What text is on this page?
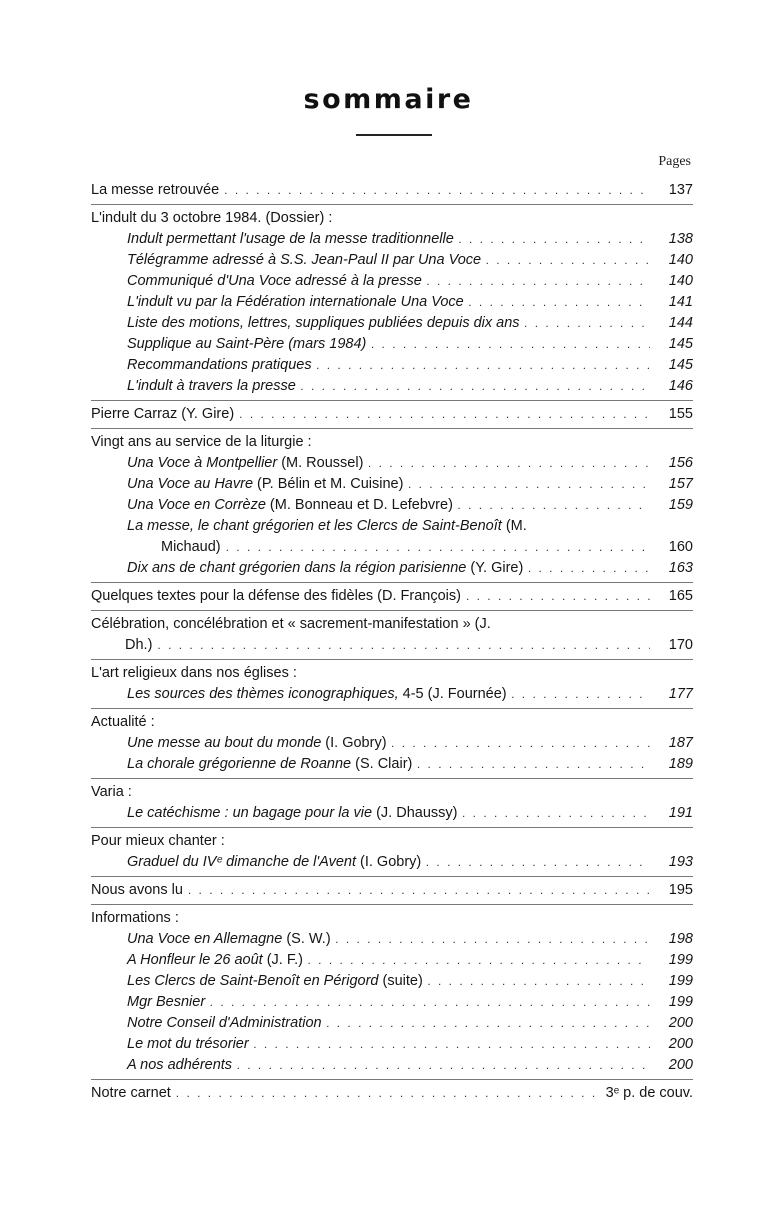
sommaire
Pages
La messe retrouvée . . .	137
L'indult du 3 octobre 1984. (Dossier) :
Indult permettant l'usage de la messe traditionnelle . . .	138
Télégramme adressé à S.S. Jean-Paul II par Una Voce . . .	140
Communiqué d'Una Voce adressé à la presse . . .	140
L'indult vu par la Fédération internationale Una Voce . . .	141
Liste des motions, lettres, suppliques publiées depuis dix ans . . .	144
Supplique au Saint-Père (mars 1984) . . .	145
Recommandations pratiques . . .	145
L'indult à travers la presse . . .	146
Pierre Carraz (Y. Gire) . . .	155
Vingt ans au service de la liturgie :
Una Voce à Montpellier (M. Roussel) . . .	156
Una Voce au Havre (P. Bélin et M. Cuisine) . . .	157
Una Voce en Corrèze (M. Bonneau et D. Lefebvre) . . .	159
La messe, le chant grégorien et les Clercs de Saint-Benoît (M.
Michaud) . . .	160
Dix ans de chant grégorien dans la région parisienne (Y. Gire) . . .	163
Quelques textes pour la défense des fidèles (D. François) . . .	165
Célébration, concélébration et « sacrement-manifestation » (J.
Dh.) . . .	170
L'art religieux dans nos églises :
Les sources des thèmes iconographiques, 4-5 (J. Fournée) . . .	177
Actualité :
Une messe au bout du monde (I. Gobry) . . .	187
La chorale grégorienne de Roanne (S. Clair) . . .	189
Varia :
Le catéchisme : un bagage pour la vie (J. Dhaussy) . . .	191
Pour mieux chanter :
Graduel du IVᵉ dimanche de l'Avent (I. Gobry) . . .	193
Nous avons lu . . .	195
Informations :
Una Voce en Allemagne (S. W.) . . .	198
A Honfleur le 26 août (J. F.) . . .	199
Les Clercs de Saint-Benoît en Périgord (suite) . . .	199
Mgr Besnier . . .	199
Notre Conseil d'Administration . . .	200
Le mot du trésorier . . .	200
A nos adhérents . . .	200
Notre carnet . . .	3ᵉ p. de couv.
